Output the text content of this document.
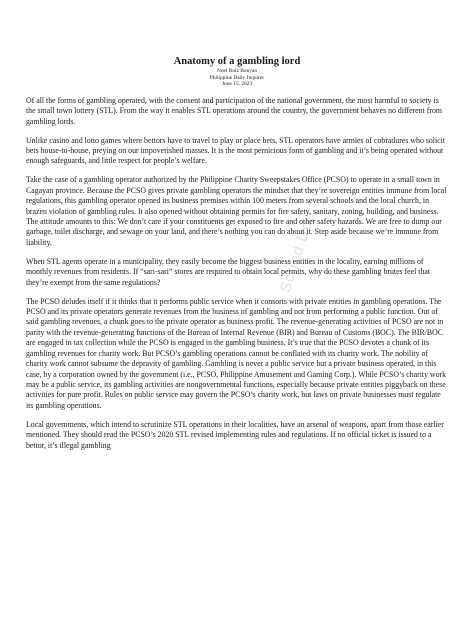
Anatomy of a gambling lord
Noel Ruiz Bunyan
Philippine Daily Inquirer
June 15, 2023

Of all the forms of gambling operated, with the consent and participation of the national government, the most harmful to society is the small town lottery (STL). From the way it enables STL operations around the country, the government behaves no different from gambling lords.

Unlike casino and lotto games where bettors have to travel to play or place bets, STL operators have armies of cobradures who solicit bets house-to-house, preying on our impoverished masses. It is the most pernicious form of gambling and it’s being operated without enough safeguards, and little respect for people’s welfare.

Take the case of a gambling operator authorized by the Philippine Charity Sweepstakes Office (PCSO) to operate in a small town in Cagayan province. Because the PCSO gives private gambling operators the mindset that they’re sovereign entities immune from local regulations, this gambling operator opened its business premises within 100 meters from several schools and the local church, in brazen violation of gambling rules. It also opened without obtaining permits for fire safety, sanitary, zoning, building, and business. The attitude amounts to this: We don’t care if your constituents get exposed to fire and other safety hazards. We are free to dump our garbage, toilet discharge, and sewage on your land, and there’s nothing you can do about it. Step aside because we’re immune from liability.

When STL agents operate in a municipality, they easily become the biggest business entities in the locality, earning millions of monthly revenues from residents. If “sari-sari” stores are required to obtain local permits, why do these gambling brutes feel that they’re exempt from the same regulations?

The PCSO deludes itself if it thinks that it performs public service when it consorts with private entities in gambling operations. The PCSO and its private operators generate revenues from the business of gambling and not from performing a public function. Out of said gambling revenues, a chunk goes to the private operator as business profit. The revenue-generating activities of PCSO are not in parity with the revenue-generating functions of the Bureau of Internal Revenue (BIR) and Bureau of Customs (BOC). The BIR/BOC are engaged in tax collection while the PCSO is engaged in the gambling business. It’s true that the PCSO devotes a chunk of its gambling revenues for charity work. But PCSO’s gambling operations cannot be conflated with its charity work. The nobility of charity work cannot subsume the depravity of gambling. Gambling is never a public service but a private business operated, in this case, by a corporation owned by the government (i.e., PCSO, Philippine Amusement and Gaming Corp.). While PCSO’s charity work may be a public service, its gambling activities are nongovernmental functions, especially because private entities piggyback on these activities for pure profit. Rules on public service may govern the PCSO’s charity work, but laws on private businesses must regulate its gambling operations.

Local governments, which intend to scrutinize STL operations in their localities, have an arsenal of weapons, apart from those earlier mentioned. They should read the PCSO’s 2020 STL revised implementing rules and regulations. If no official ticket is issued to a bettor, it’s illegal gambling

Scribd Doc
